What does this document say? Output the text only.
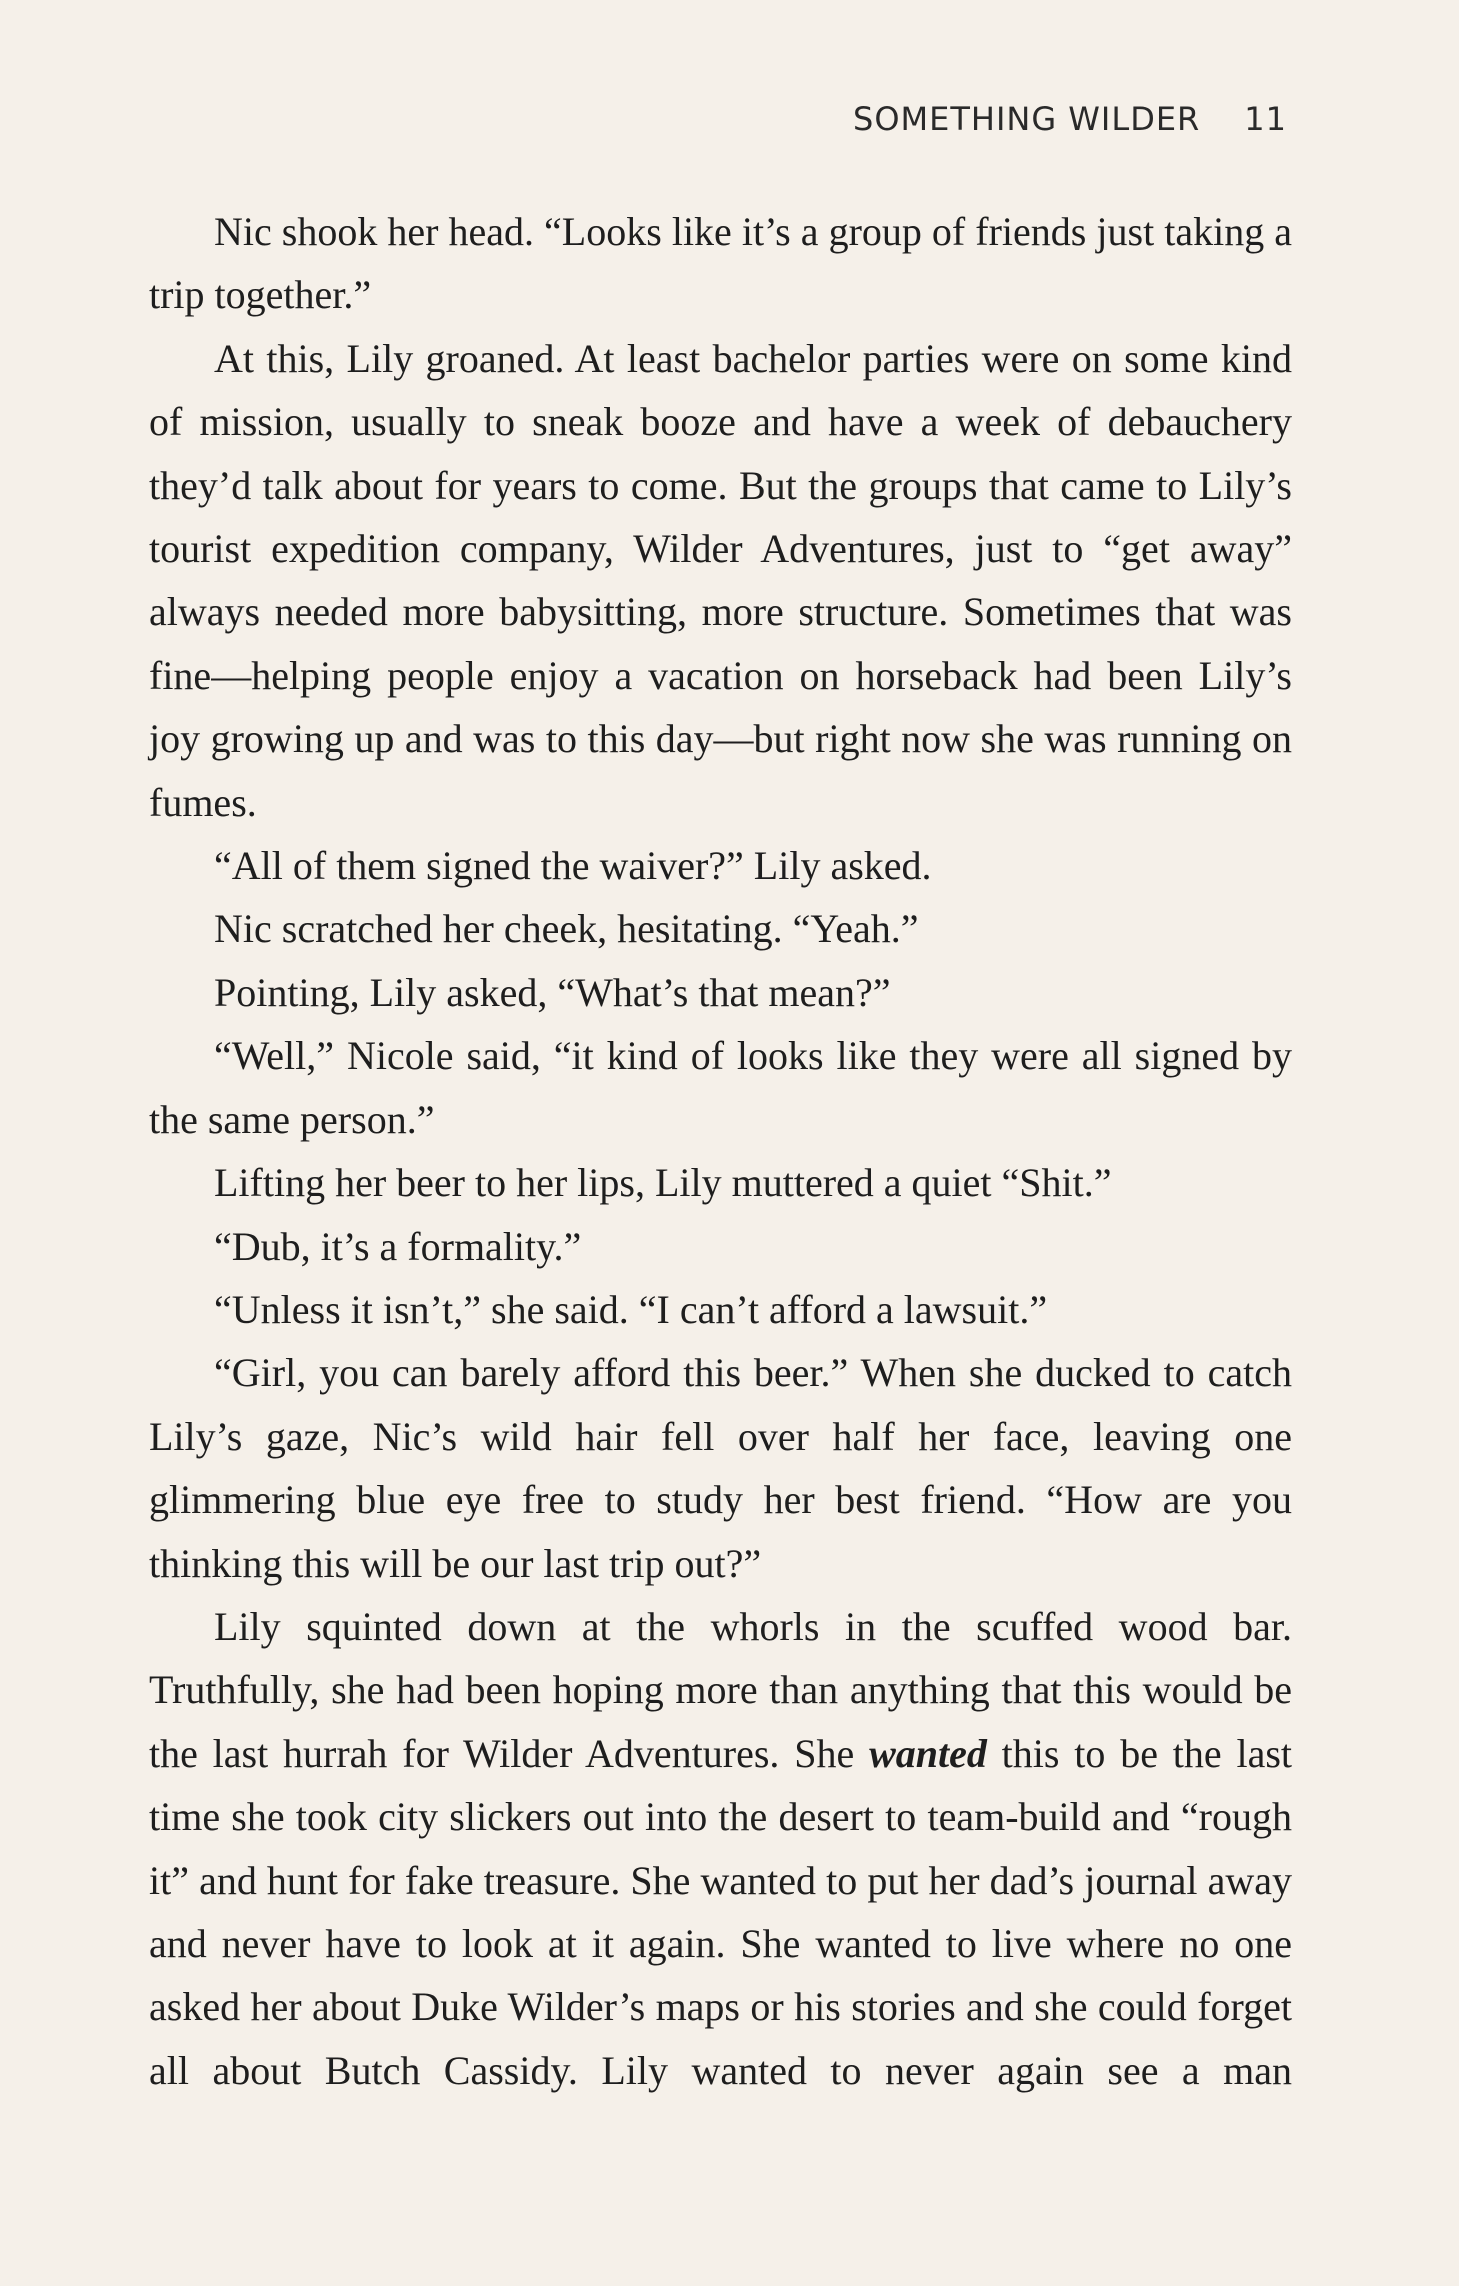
SOMETHING WILDER 11

Nic shook her head. “Looks like it’s a group of friends just taking a trip together.”

At this, Lily groaned. At least bachelor parties were on some kind of mission, usually to sneak booze and have a week of debauchery they’d talk about for years to come. But the groups that came to Lily’s tourist expedition company, Wilder Adventures, just to “get away” always needed more babysitting, more structure. Sometimes that was fine—helping people enjoy a vacation on horseback had been Lily’s joy growing up and was to this day—but right now she was running on fumes.

“All of them signed the waiver?” Lily asked.

Nic scratched her cheek, hesitating. “Yeah.”

Pointing, Lily asked, “What’s that mean?”

“Well,” Nicole said, “it kind of looks like they were all signed by the same person.”

Lifting her beer to her lips, Lily muttered a quiet “Shit.”

“Dub, it’s a formality.”

“Unless it isn’t,” she said. “I can’t afford a lawsuit.”

“Girl, you can barely afford this beer.” When she ducked to catch Lily’s gaze, Nic’s wild hair fell over half her face, leaving one glimmering blue eye free to study her best friend. “How are you thinking this will be our last trip out?”

Lily squinted down at the whorls in the scuffed wood bar. Truthfully, she had been hoping more than anything that this would be the last hurrah for Wilder Adventures. She wanted this to be the last time she took city slickers out into the desert to team-build and “rough it” and hunt for fake treasure. She wanted to put her dad’s journal away and never have to look at it again. She wanted to live where no one asked her about Duke Wilder’s maps or his stories and she could forget all about Butch Cassidy. Lily wanted to never again see a man
